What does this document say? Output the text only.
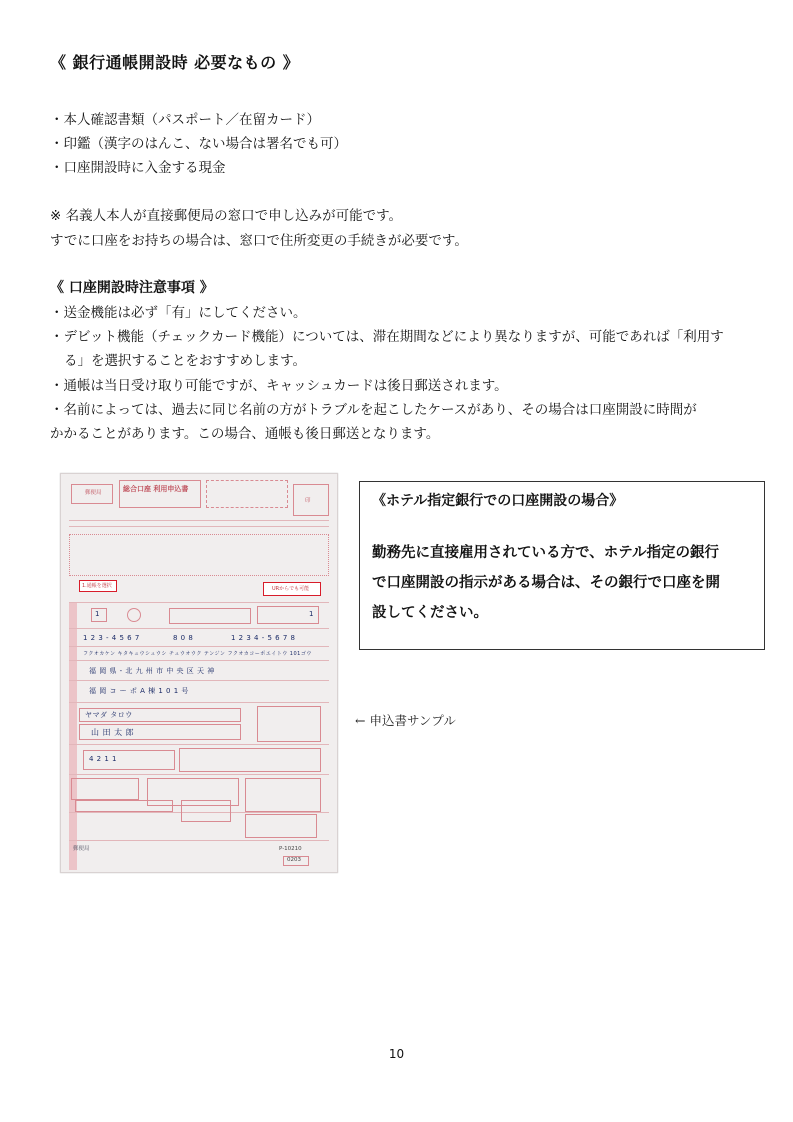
《 銀行通帳開設時 必要なもの 》
・本人確認書類（パスポート／在留カード）
・印鑑（漢字のはんこ、ない場合は署名でも可）
・口座開設時に入金する現金
※ 名義人本人が直接郵便局の窓口で申し込みが可能です。
すでに口座をお持ちの場合は、窓口で住所変更の手続きが必要です。
《 口座開設時注意事項 》
・送金機能は必ず「有」にしてください。
・デビット機能（チェックカード機能）については、滞在期間などにより異なりますが、可能であれば「利用す
る」を選択することをおすすめします。
・通帳は当日受け取り可能ですが、キャッシュカードは後日郵送されます。
・名前によっては、過去に同じ名前の方がトラブルを起こしたケースがあり、その場合は口座開設に時間が
かかることがあります。この場合、通帳も後日郵送となります。
郵便局	総合口座 利用申込書
印
1.通帳を選択	URからでも可能
1	1
1 2 3 - 4 5 6 7	8 0 8	1 2 3 4 - 5 6 7 8
フクオカケン キタキュウシュウシ チュウオウク テンジン フクオカコーポエイトウ 101ゴウ
福 岡 県 - 北 九 州 市 中 央 区 天 神
福 岡 コ ー ポ A 棟 1 0 1 号
ヤマダ タロウ
山 田 太 郎
4 2 1 1
郵便局	P-10210
0203
《ホテル指定銀行での口座開設の場合》
勤務先に直接雇用されている方で、ホテル指定の銀行
で口座開設の指示がある場合は、その銀行で口座を開
設してください。
← 申込書サンプル
10
